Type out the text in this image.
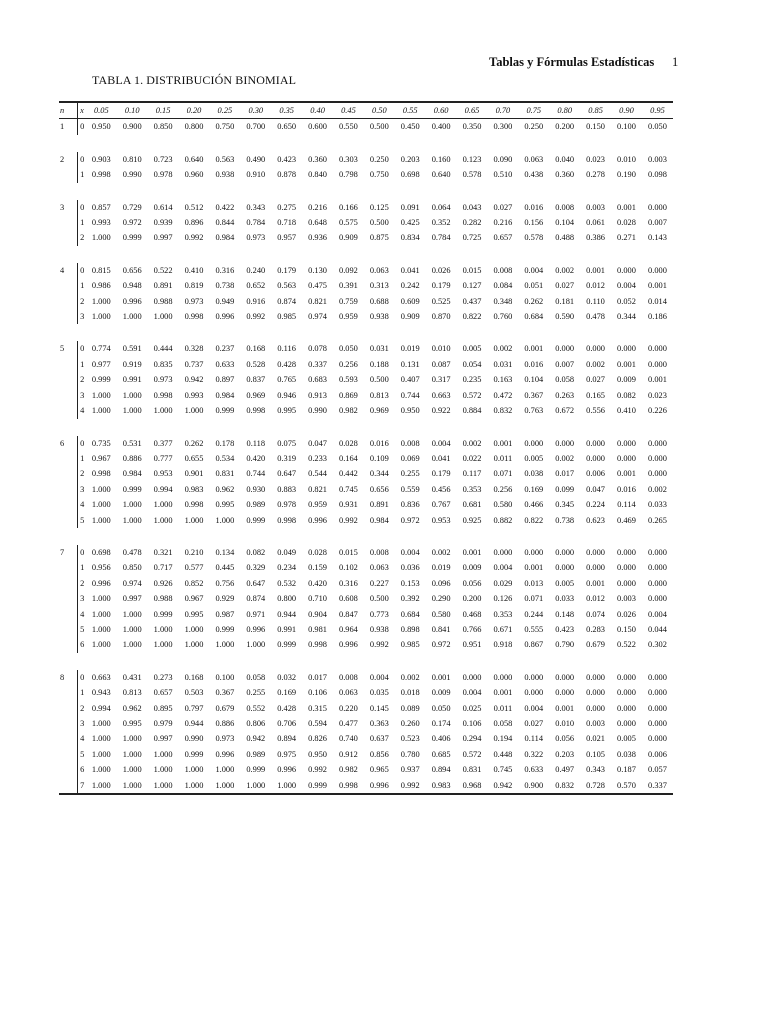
Tablas y Fórmulas Estadísticas 1
TABLA 1. DISTRIBUCIÓN BINOMIAL
n	x	0.05	0.10	0.15	0.20	0.25	0.30	0.35	0.40	0.45	0.50	0.55	0.60	0.65	0.70	0.75	0.80	0.85	0.90	0.95
1	0	0.950	0.900	0.850	0.800	0.750	0.700	0.650	0.600	0.550	0.500	0.450	0.400	0.350	0.300	0.250	0.200	0.150	0.100	0.050

2	0	0.903	0.810	0.723	0.640	0.563	0.490	0.423	0.360	0.303	0.250	0.203	0.160	0.123	0.090	0.063	0.040	0.023	0.010	0.003
	1	0.998	0.990	0.978	0.960	0.938	0.910	0.878	0.840	0.798	0.750	0.698	0.640	0.578	0.510	0.438	0.360	0.278	0.190	0.098

3	0	0.857	0.729	0.614	0.512	0.422	0.343	0.275	0.216	0.166	0.125	0.091	0.064	0.043	0.027	0.016	0.008	0.003	0.001	0.000
	1	0.993	0.972	0.939	0.896	0.844	0.784	0.718	0.648	0.575	0.500	0.425	0.352	0.282	0.216	0.156	0.104	0.061	0.028	0.007
	2	1.000	0.999	0.997	0.992	0.984	0.973	0.957	0.936	0.909	0.875	0.834	0.784	0.725	0.657	0.578	0.488	0.386	0.271	0.143

4	0	0.815	0.656	0.522	0.410	0.316	0.240	0.179	0.130	0.092	0.063	0.041	0.026	0.015	0.008	0.004	0.002	0.001	0.000	0.000
	1	0.986	0.948	0.891	0.819	0.738	0.652	0.563	0.475	0.391	0.313	0.242	0.179	0.127	0.084	0.051	0.027	0.012	0.004	0.001
	2	1.000	0.996	0.988	0.973	0.949	0.916	0.874	0.821	0.759	0.688	0.609	0.525	0.437	0.348	0.262	0.181	0.110	0.052	0.014
	3	1.000	1.000	1.000	0.998	0.996	0.992	0.985	0.974	0.959	0.938	0.909	0.870	0.822	0.760	0.684	0.590	0.478	0.344	0.186

5	0	0.774	0.591	0.444	0.328	0.237	0.168	0.116	0.078	0.050	0.031	0.019	0.010	0.005	0.002	0.001	0.000	0.000	0.000	0.000
	1	0.977	0.919	0.835	0.737	0.633	0.528	0.428	0.337	0.256	0.188	0.131	0.087	0.054	0.031	0.016	0.007	0.002	0.001	0.000
	2	0.999	0.991	0.973	0.942	0.897	0.837	0.765	0.683	0.593	0.500	0.407	0.317	0.235	0.163	0.104	0.058	0.027	0.009	0.001
	3	1.000	1.000	0.998	0.993	0.984	0.969	0.946	0.913	0.869	0.813	0.744	0.663	0.572	0.472	0.367	0.263	0.165	0.082	0.023
	4	1.000	1.000	1.000	1.000	0.999	0.998	0.995	0.990	0.982	0.969	0.950	0.922	0.884	0.832	0.763	0.672	0.556	0.410	0.226

6	0	0.735	0.531	0.377	0.262	0.178	0.118	0.075	0.047	0.028	0.016	0.008	0.004	0.002	0.001	0.000	0.000	0.000	0.000	0.000
	1	0.967	0.886	0.777	0.655	0.534	0.420	0.319	0.233	0.164	0.109	0.069	0.041	0.022	0.011	0.005	0.002	0.000	0.000	0.000
	2	0.998	0.984	0.953	0.901	0.831	0.744	0.647	0.544	0.442	0.344	0.255	0.179	0.117	0.071	0.038	0.017	0.006	0.001	0.000
	3	1.000	0.999	0.994	0.983	0.962	0.930	0.883	0.821	0.745	0.656	0.559	0.456	0.353	0.256	0.169	0.099	0.047	0.016	0.002
	4	1.000	1.000	1.000	0.998	0.995	0.989	0.978	0.959	0.931	0.891	0.836	0.767	0.681	0.580	0.466	0.345	0.224	0.114	0.033
	5	1.000	1.000	1.000	1.000	1.000	0.999	0.998	0.996	0.992	0.984	0.972	0.953	0.925	0.882	0.822	0.738	0.623	0.469	0.265

7	0	0.698	0.478	0.321	0.210	0.134	0.082	0.049	0.028	0.015	0.008	0.004	0.002	0.001	0.000	0.000	0.000	0.000	0.000	0.000
	1	0.956	0.850	0.717	0.577	0.445	0.329	0.234	0.159	0.102	0.063	0.036	0.019	0.009	0.004	0.001	0.000	0.000	0.000	0.000
	2	0.996	0.974	0.926	0.852	0.756	0.647	0.532	0.420	0.316	0.227	0.153	0.096	0.056	0.029	0.013	0.005	0.001	0.000	0.000
	3	1.000	0.997	0.988	0.967	0.929	0.874	0.800	0.710	0.608	0.500	0.392	0.290	0.200	0.126	0.071	0.033	0.012	0.003	0.000
	4	1.000	1.000	0.999	0.995	0.987	0.971	0.944	0.904	0.847	0.773	0.684	0.580	0.468	0.353	0.244	0.148	0.074	0.026	0.004
	5	1.000	1.000	1.000	1.000	0.999	0.996	0.991	0.981	0.964	0.938	0.898	0.841	0.766	0.671	0.555	0.423	0.283	0.150	0.044
	6	1.000	1.000	1.000	1.000	1.000	1.000	0.999	0.998	0.996	0.992	0.985	0.972	0.951	0.918	0.867	0.790	0.679	0.522	0.302

8	0	0.663	0.431	0.273	0.168	0.100	0.058	0.032	0.017	0.008	0.004	0.002	0.001	0.000	0.000	0.000	0.000	0.000	0.000	0.000
	1	0.943	0.813	0.657	0.503	0.367	0.255	0.169	0.106	0.063	0.035	0.018	0.009	0.004	0.001	0.000	0.000	0.000	0.000	0.000
	2	0.994	0.962	0.895	0.797	0.679	0.552	0.428	0.315	0.220	0.145	0.089	0.050	0.025	0.011	0.004	0.001	0.000	0.000	0.000
	3	1.000	0.995	0.979	0.944	0.886	0.806	0.706	0.594	0.477	0.363	0.260	0.174	0.106	0.058	0.027	0.010	0.003	0.000	0.000
	4	1.000	1.000	0.997	0.990	0.973	0.942	0.894	0.826	0.740	0.637	0.523	0.406	0.294	0.194	0.114	0.056	0.021	0.005	0.000
	5	1.000	1.000	1.000	0.999	0.996	0.989	0.975	0.950	0.912	0.856	0.780	0.685	0.572	0.448	0.322	0.203	0.105	0.038	0.006
	6	1.000	1.000	1.000	1.000	1.000	0.999	0.996	0.992	0.982	0.965	0.937	0.894	0.831	0.745	0.633	0.497	0.343	0.187	0.057
	7	1.000	1.000	1.000	1.000	1.000	1.000	1.000	0.999	0.998	0.996	0.992	0.983	0.968	0.942	0.900	0.832	0.728	0.570	0.337
